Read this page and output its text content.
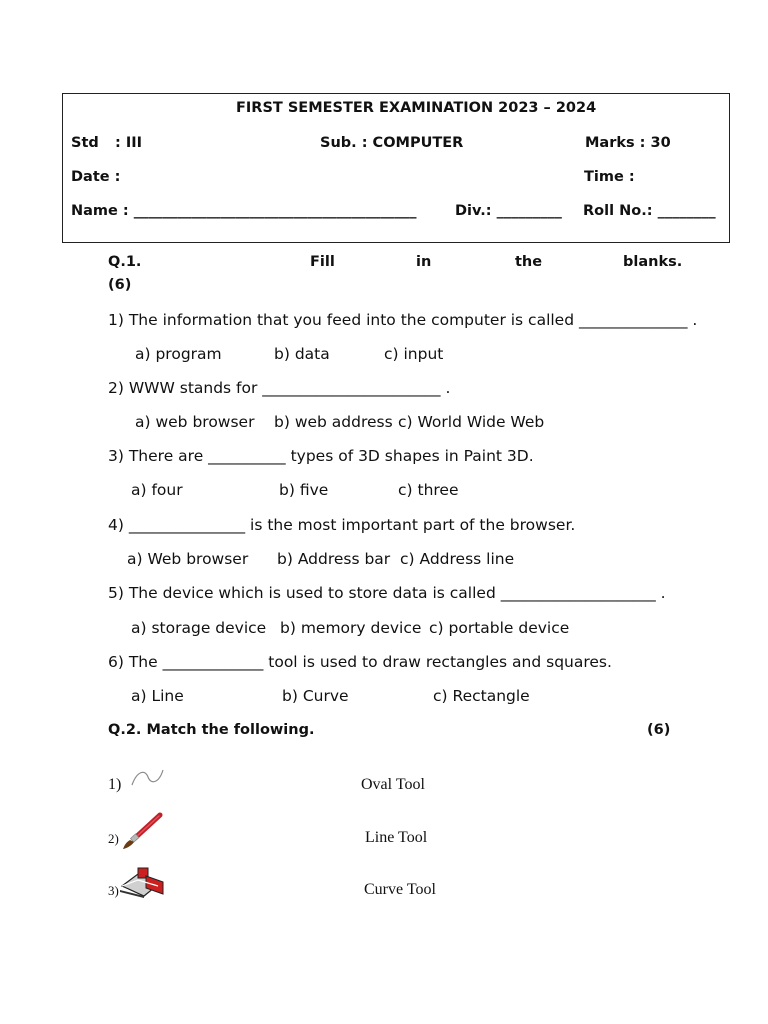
FIRST SEMESTER EXAMINATION 2023 – 2024
Std : III	Sub. : COMPUTER	Marks : 30
Date :	Time :
Name : _______________________________________	Div.: _________ Roll No.: ________
Q.1.	Fill	in	the	blanks.
(6)
1) The information that you feed into the computer is called ______________ .
a) program	b) data	c) input
2) WWW stands for _______________________ .
a) web browser b) web address c) World Wide Web
3) There are __________ types of 3D shapes in Paint 3D.
a) four	b) five	c) three
4) _______________ is the most important part of the browser.
a) Web browser b) Address bar c) Address line
5) The device which is used to store data is called ____________________ .
a) storage device b) memory device c) portable device
6) The _____________ tool is used to draw rectangles and squares.
a) Line	b) Curve	c) Rectangle
Q.2. Match the following.	(6)
1)	Oval Tool
2)	Line Tool
3)	Curve Tool
